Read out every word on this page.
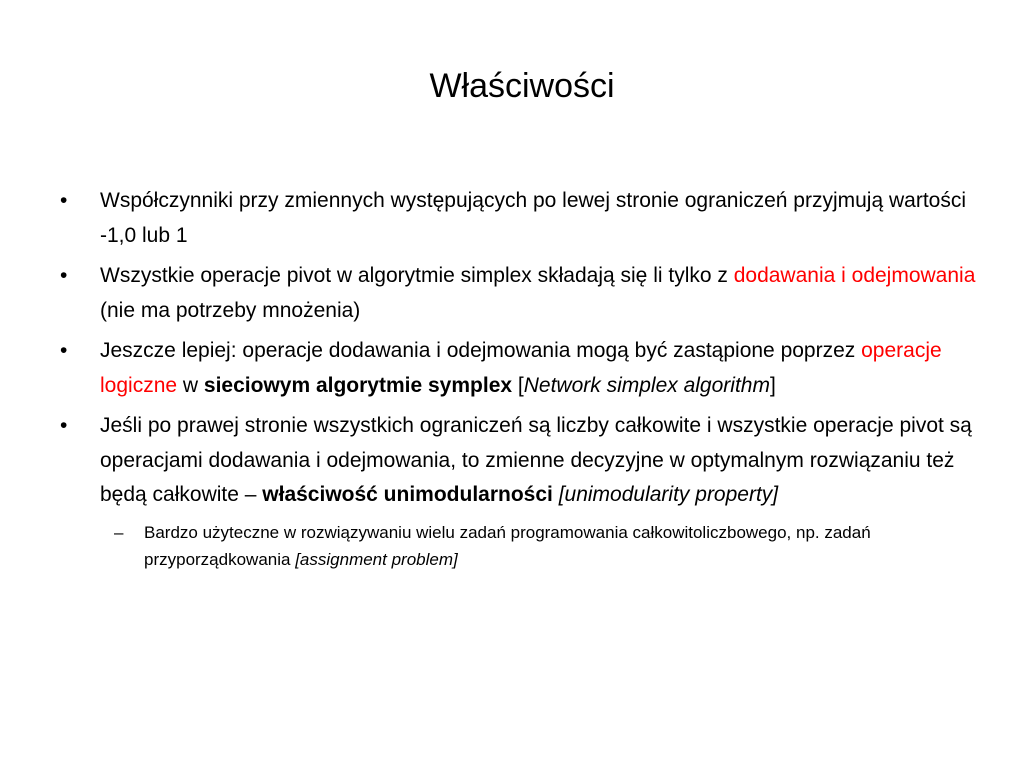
Właściwości
• Współczynniki przy zmiennych występujących po lewej stronie ograniczeń przyjmują wartości -1,0 lub 1
• Wszystkie operacje pivot w algorytmie simplex składają się li tylko z dodawania i odejmowania (nie ma potrzeby mnożenia)
• Jeszcze lepiej: operacje dodawania i odejmowania mogą być zastąpione poprzez operacje logiczne w sieciowym algorytmie symplex [Network simplex algorithm]
• Jeśli po prawej stronie wszystkich ograniczeń są liczby całkowite i wszystkie operacje pivot są operacjami dodawania i odejmowania, to zmienne decyzyjne w optymalnym rozwiązaniu też będą całkowite – właściwość unimodularności [unimodularity property]
– Bardzo użyteczne w rozwiązywaniu wielu zadań programowania całkowitoliczbowego, np. zadań przyporządkowania [assignment problem]
